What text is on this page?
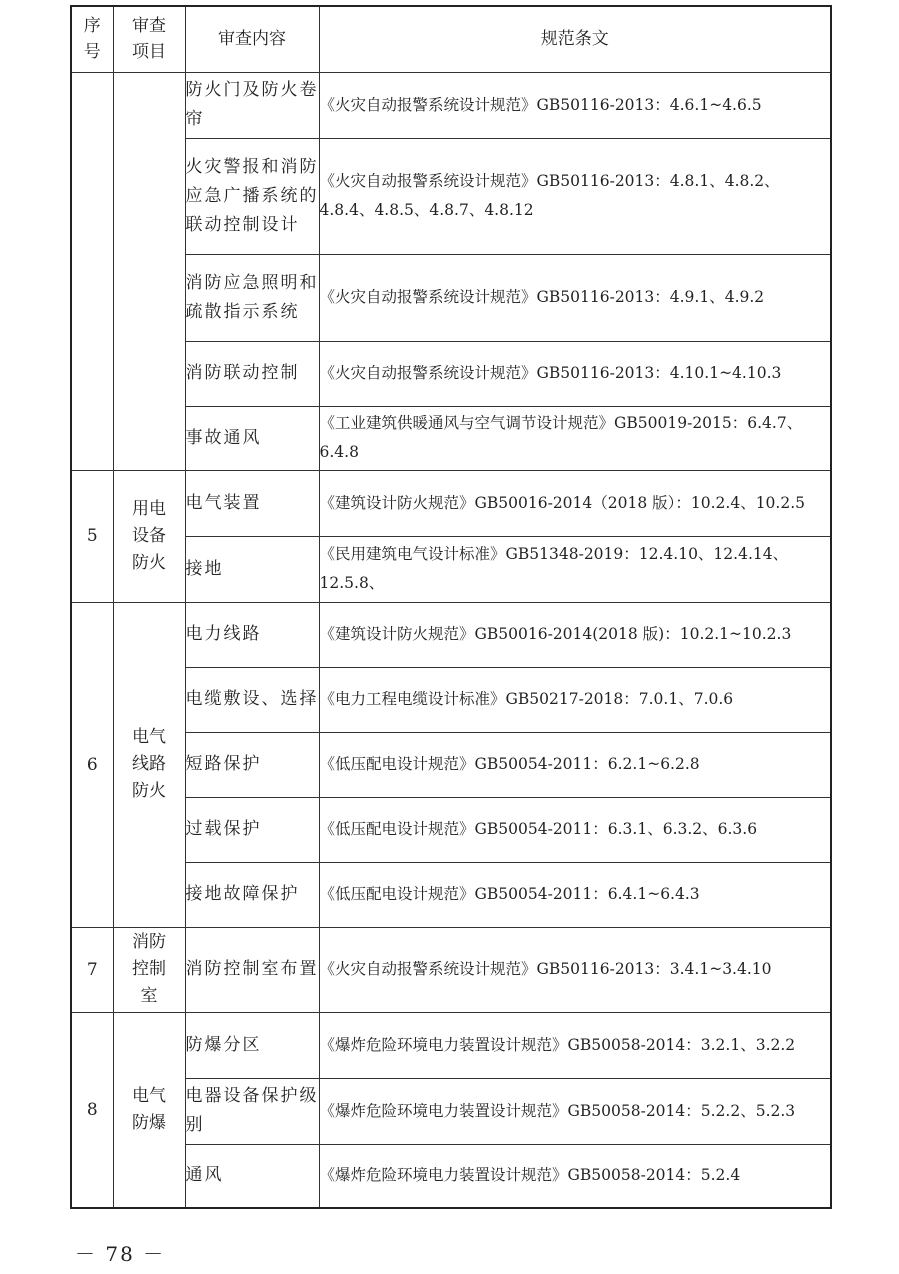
序号	审查项目	审查内容	规范条文
		防火门及防火卷帘	《火灾自动报警系统设计规范》GB50116-2013：4.6.1~4.6.5
		火灾警报和消防应急广播系统的联动控制设计	《火灾自动报警系统设计规范》GB50116-2013：4.8.1、4.8.2、4.8.4、4.8.5、4.8.7、4.8.12
		消防应急照明和疏散指示系统	《火灾自动报警系统设计规范》GB50116-2013：4.9.1、4.9.2
		消防联动控制	《火灾自动报警系统设计规范》GB50116-2013：4.10.1~4.10.3
		事故通风	《工业建筑供暖通风与空气调节设计规范》GB50019-2015：6.4.7、6.4.8
5	用电设备防火	电气装置	《建筑设计防火规范》GB50016-2014（2018 版）：10.2.4、10.2.5
		接地	《民用建筑电气设计标准》GB51348-2019：12.4.10、12.4.14、12.5.8、
6	电气线路防火	电力线路	《建筑设计防火规范》GB50016-2014(2018 版)：10.2.1~10.2.3
		电缆敷设、选择	《电力工程电缆设计标准》GB50217-2018：7.0.1、7.0.6
		短路保护	《低压配电设计规范》GB50054-2011：6.2.1~6.2.8
		过载保护	《低压配电设计规范》GB50054-2011：6.3.1、6.3.2、6.3.6
		接地故障保护	《低压配电设计规范》GB50054-2011：6.4.1~6.4.3
7	消防控制室	消防控制室布置	《火灾自动报警系统设计规范》GB50116-2013：3.4.1~3.4.10
8	电气防爆	防爆分区	《爆炸危险环境电力装置设计规范》GB50058-2014：3.2.1、3.2.2
		电器设备保护级别	《爆炸危险环境电力装置设计规范》GB50058-2014：5.2.2、5.2.3
		通风	《爆炸危险环境电力装置设计规范》GB50058-2014：5.2.4
－ 78 －
